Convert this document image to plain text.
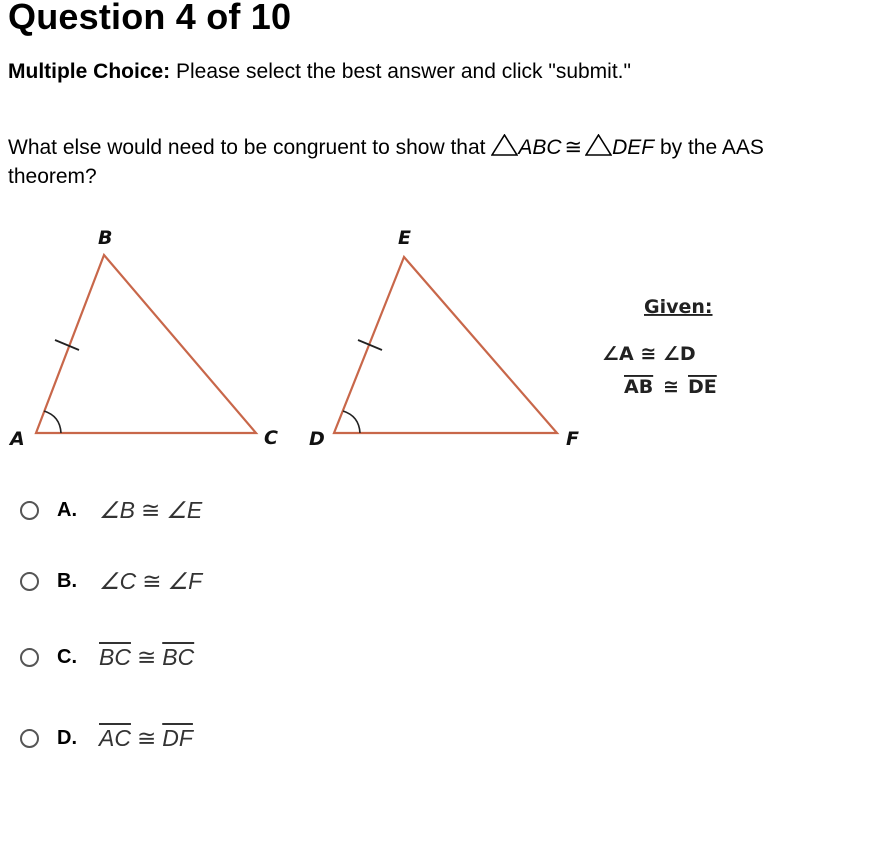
Question 4 of 10
Multiple Choice: Please select the best answer and click "submit."
What else would need to be congruent to show that ABC ≅ DEF by the AAS theorem?
B	E
A	C D	F
Given:
∠A ≅ ∠D
AB ≅ DE
A. ∠B ≅ ∠E
B. ∠C ≅ ∠F
C. $\overline{BC}$ ≅ $\overline{BC}$
D. $\overline{AC}$ ≅ $\overline{DF}$
